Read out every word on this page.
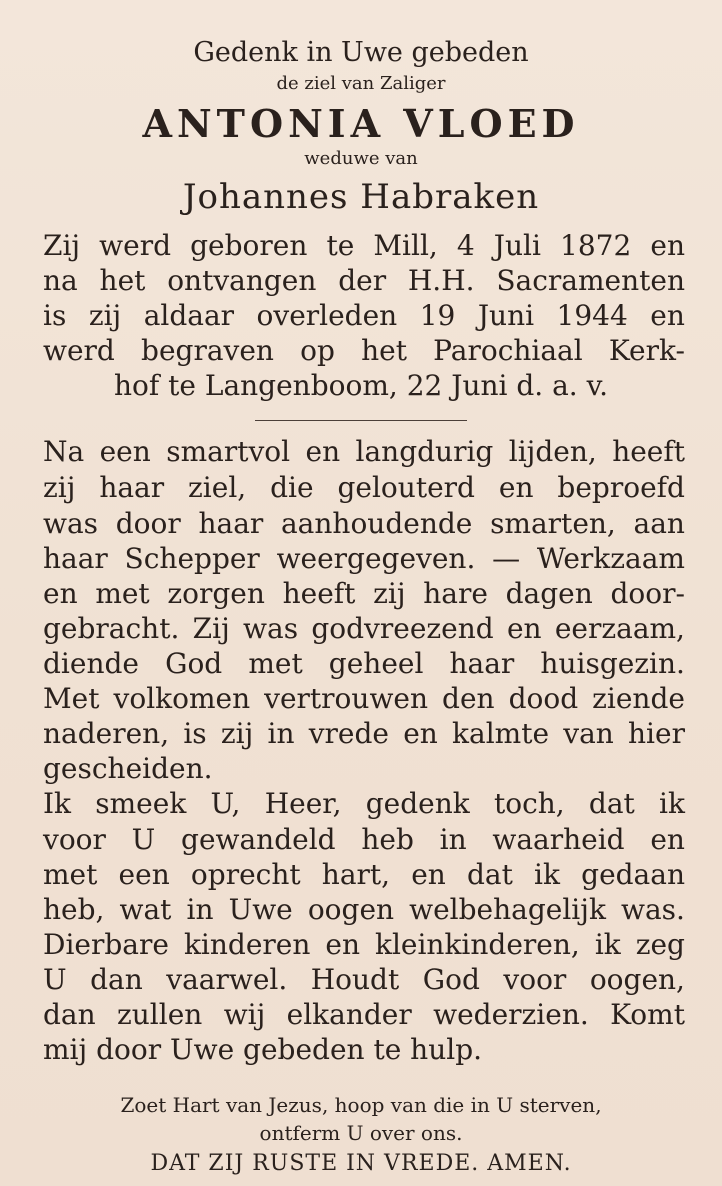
Gedenk in Uwe gebeden
de ziel van Zaliger
ANTONIA VLOED
weduwe van
Johannes Habraken
Zij werd geboren te Mill, 4 Juli 1872 en
na het ontvangen der H.H. Sacramenten
is zij aldaar overleden 19 Juni 1944 en
werd begraven op het Parochiaal Kerk-
hof te Langenboom, 22 Juni d. a. v.
Na een smartvol en langdurig lijden, heeft
zij haar ziel, die gelouterd en beproefd
was door haar aanhoudende smarten, aan
haar Schepper weergegeven. — Werkzaam
en met zorgen heeft zij hare dagen door-
gebracht. Zij was godvreezend en eerzaam,
diende God met geheel haar huisgezin.
Met volkomen vertrouwen den dood ziende
naderen, is zij in vrede en kalmte van hier
gescheiden.
Ik smeek U, Heer, gedenk toch, dat ik
voor U gewandeld heb in waarheid en
met een oprecht hart, en dat ik gedaan
heb, wat in Uwe oogen welbehagelijk was.
Dierbare kinderen en kleinkinderen, ik zeg
U dan vaarwel. Houdt God voor oogen,
dan zullen wij elkander wederzien. Komt
mij door Uwe gebeden te hulp.
Zoet Hart van Jezus, hoop van die in U sterven,
ontferm U over ons.
DAT ZIJ RUSTE IN VREDE. AMEN.
